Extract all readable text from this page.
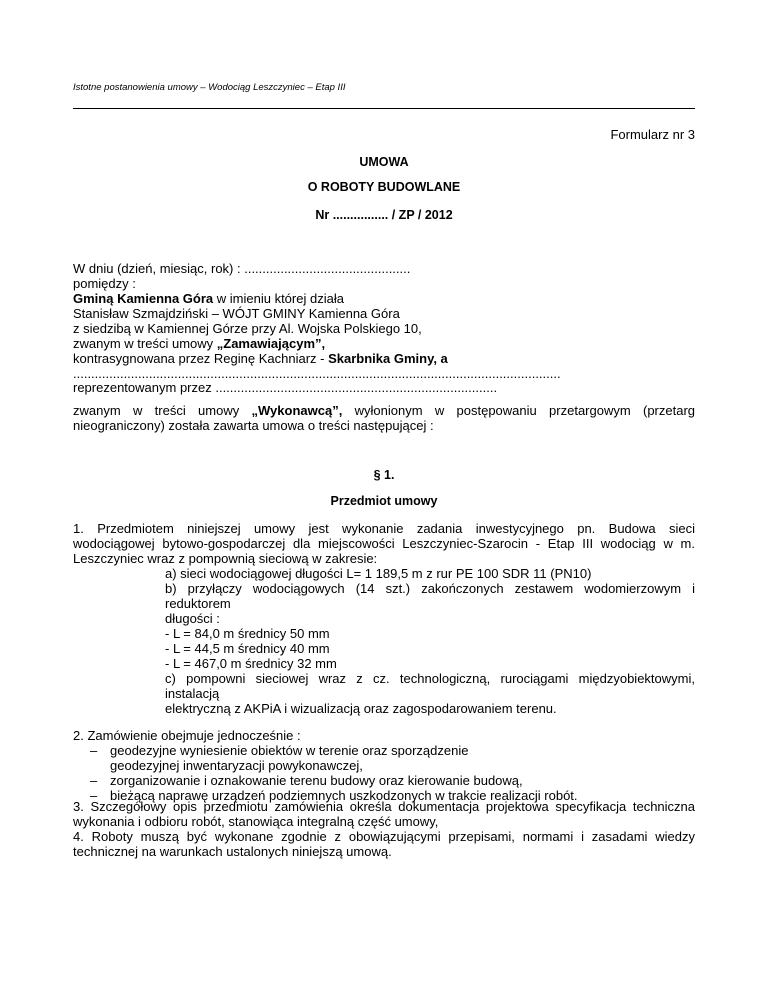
Istotne postanowienia umowy – Wodociąg Leszczyniec – Etap III
Formularz nr 3
UMOWA
O ROBOTY BUDOWLANE
Nr ................ / ZP / 2012
W dniu (dzień, miesiąc, rok) : ..............................................
pomiędzy :
Gminą Kamienna Góra w imieniu której działa
Stanisław Szmajdziński – WÓJT GMINY Kamienna Góra
z siedzibą w Kamiennej Górze przy Al. Wojska Polskiego 10,
zwanym w treści umowy „Zamawiającym”,
kontrasygnowana przez Reginę Kachniarz - Skarbnika Gminy, a
.......................................................................................................................................
reprezentowanym przez ..............................................................................
zwanym w treści umowy „Wykonawcą”, wyłonionym w postępowaniu przetargowym (przetarg
nieograniczony) została zawarta umowa o treści następującej :
§ 1.
Przedmiot umowy
1. Przedmiotem niniejszej umowy jest wykonanie zadania inwestycyjnego pn. Budowa sieci
wodociągowej bytowo-gospodarczej dla miejscowości Leszczyniec-Szarocin - Etap III wodociąg w m.
Leszczyniec wraz z pompownią sieciową w zakresie:
a) sieci wodociągowej długości L= 1 189,5 m z rur PE 100 SDR 11 (PN10)
b) przyłączy wodociągowych (14 szt.) zakończonych zestawem wodomierzowym i reduktorem
długości :
- L = 84,0 m średnicy 50 mm
- L = 44,5 m średnicy 40 mm
- L = 467,0 m średnicy 32 mm
c) pompowni sieciowej wraz z cz. technologiczną, rurociągami międzyobiektowymi, instalacją
elektryczną z AKPiA i wizualizacją oraz zagospodarowaniem terenu.
2. Zamówienie obejmuje jednocześnie :
– geodezyjne wyniesienie obiektów w terenie oraz sporządzenie
geodezyjnej inwentaryzacji powykonawczej,
– zorganizowanie i oznakowanie terenu budowy oraz kierowanie budową,
– bieżącą naprawę urządzeń podziemnych uszkodzonych w trakcie realizacji robót.
3. Szczegółowy opis przedmiotu zamówienia określa dokumentacja projektowa specyfikacja techniczna
wykonania i odbioru robót, stanowiąca integralną część umowy,
4. Roboty muszą być wykonane zgodnie z obowiązującymi przepisami, normami i zasadami wiedzy
technicznej na warunkach ustalonych niniejszą umową.
